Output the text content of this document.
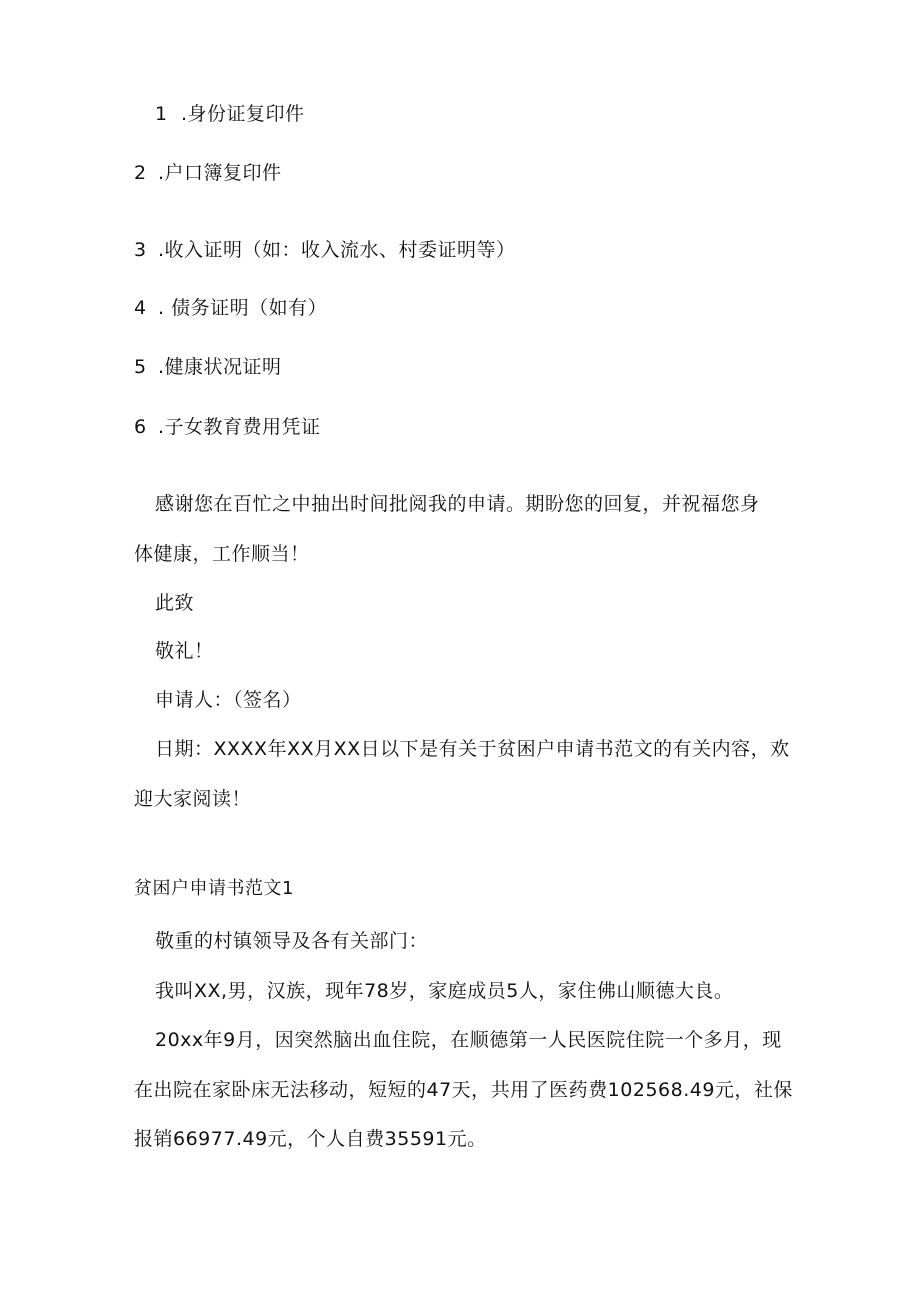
1 .身份证复印件
2 .户口簿复印件
3 .收入证明（如：收入流水、村委证明等）
4 . 债务证明（如有）
5 .健康状况证明
6 .子女教育费用凭证
感谢您在百忙之中抽出时间批阅我的申请。期盼您的回复，并祝福您身
体健康，工作顺当！
此致
敬礼！
申请人：（签名）
日期：XXXX年XX月XX日以下是有关于贫困户申请书范文的有关内容，欢
迎大家阅读！
贫困户申请书范文1
敬重的村镇领导及各有关部门：
我叫XX,男，汉族，现年78岁，家庭成员5人，家住佛山顺德大良。
20xx年9月，因突然脑出血住院，在顺德第一人民医院住院一个多月，现
在出院在家卧床无法移动，短短的47天，共用了医药费102568.49元，社保
报销66977.49元，个人自费35591元。
